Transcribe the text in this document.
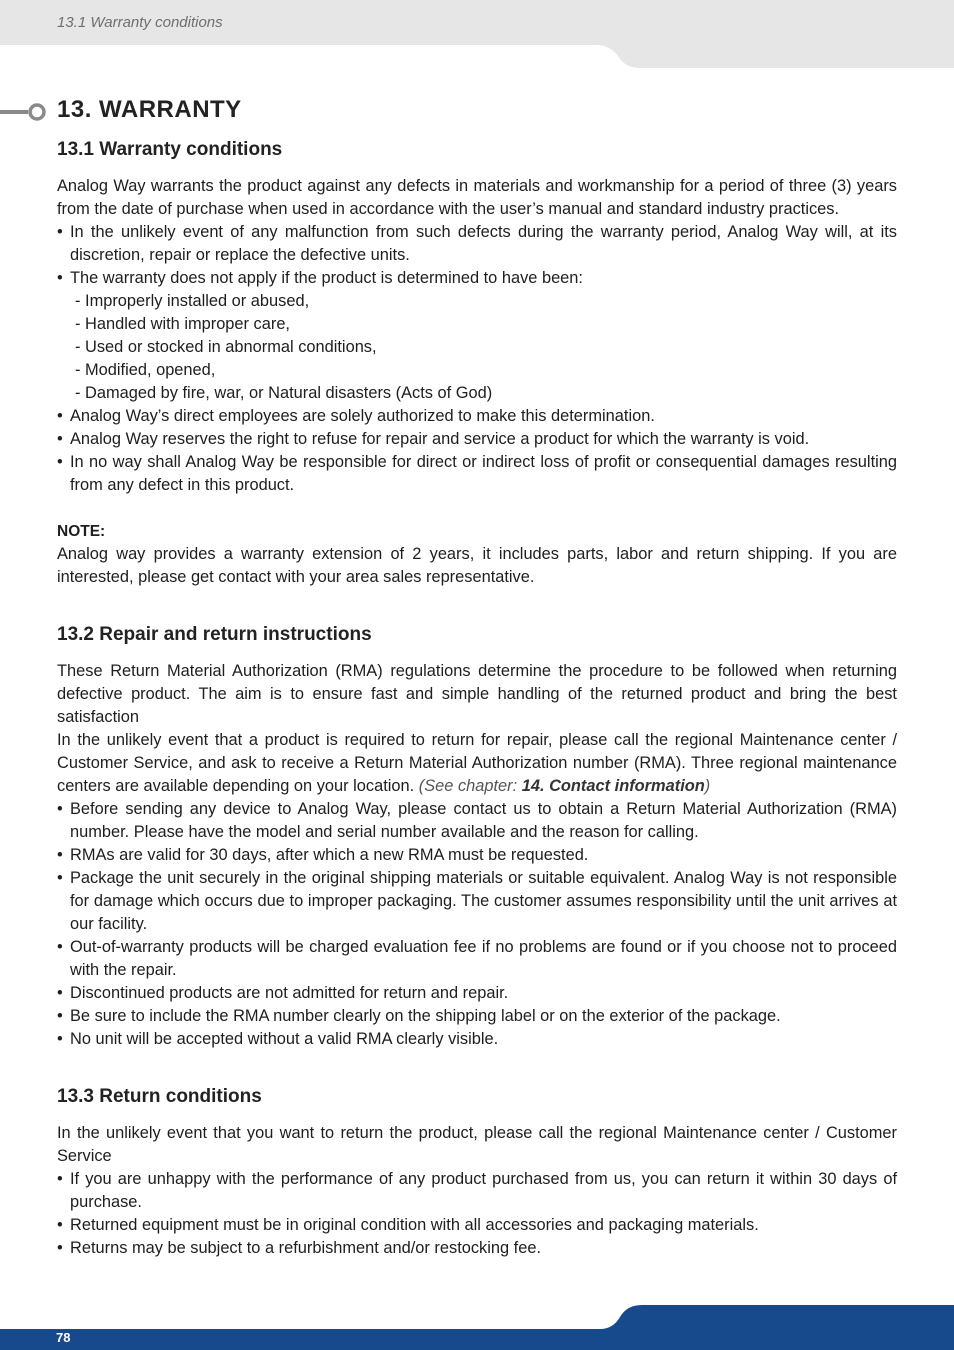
13.1 Warranty conditions
13. WARRANTY
13.1 Warranty conditions

Analog Way warrants the product against any defects in materials and workmanship for a period of three (3) years from the date of purchase when used in accordance with the user’s manual and standard industry practices.

• In the unlikely event of any malfunction from such defects during the warranty period, Analog Way will, at its discretion, repair or replace the defective units.
• The warranty does not apply if the product is determined to have been:
- Improperly installed or abused,
- Handled with improper care,
- Used or stocked in abnormal conditions,
- Modified, opened,
- Damaged by fire, war, or Natural disasters (Acts of God)
• Analog Way’s direct employees are solely authorized to make this determination.
• Analog Way reserves the right to refuse for repair and service a product for which the warranty is void.
• In no way shall Analog Way be responsible for direct or indirect loss of profit or consequential damages resulting from any defect in this product.
NOTE:

Analog way provides a warranty extension of 2 years, it includes parts, labor and return shipping. If you are interested, please get contact with your area sales representative.

13.2 Repair and return instructions

These Return Material Authorization (RMA) regulations determine the procedure to be followed when returning defective product. The aim is to ensure fast and simple handling of the returned product and bring the best satisfaction

In the unlikely event that a product is required to return for repair, please call the regional Maintenance center / Customer Service, and ask to receive a Return Material Authorization number (RMA). Three regional maintenance centers are available depending on your location. (See chapter: 14. Contact information)

• Before sending any device to Analog Way, please contact us to obtain a Return Material Authorization (RMA) number. Please have the model and serial number available and the reason for calling.
• RMAs are valid for 30 days, after which a new RMA must be requested.
• Package the unit securely in the original shipping materials or suitable equivalent. Analog Way is not responsible for damage which occurs due to improper packaging. The customer assumes responsibility until the unit arrives at our facility.
• Out-of-warranty products will be charged evaluation fee if no problems are found or if you choose not to proceed with the repair.
• Discontinued products are not admitted for return and repair.
• Be sure to include the RMA number clearly on the shipping label or on the exterior of the package.
• No unit will be accepted without a valid RMA clearly visible.
13.3 Return conditions

In the unlikely event that you want to return the product, please call the regional Maintenance center / Customer Service

• If you are unhappy with the performance of any product purchased from us, you can return it within 30 days of purchase.
• Returned equipment must be in original condition with all accessories and packaging materials.
• Returns may be subject to a refurbishment and/or restocking fee.
78
